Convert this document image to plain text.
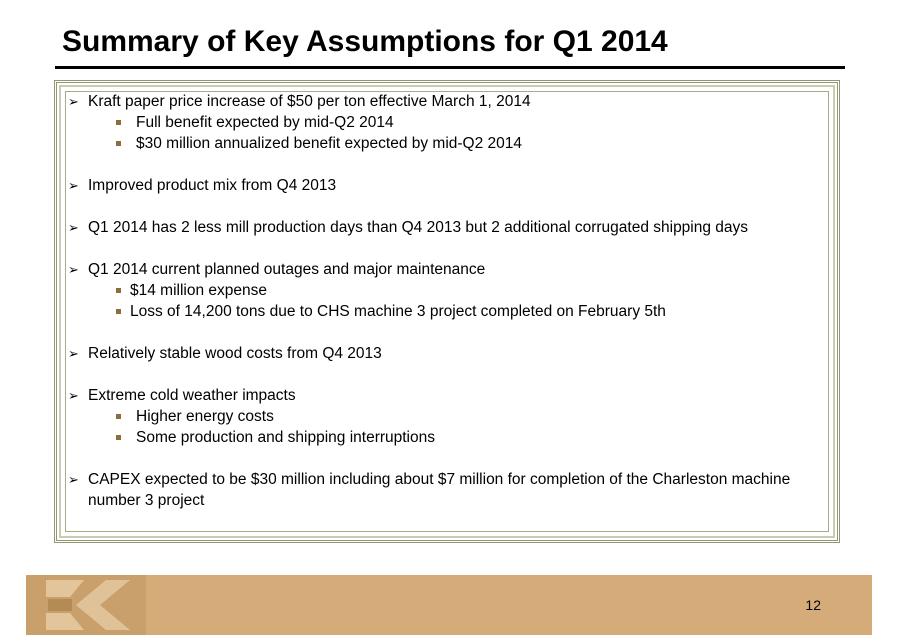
Summary of Key Assumptions for Q1 2014
➢ Kraft paper price increase of $50 per ton effective March 1, 2014
Full benefit expected by mid-Q2 2014
$30 million annualized benefit expected by mid-Q2 2014
➢ Improved product mix from Q4 2013
➢ Q1 2014 has 2 less mill production days than Q4 2013 but 2 additional corrugated shipping days
➢ Q1 2014 current planned outages and major maintenance
$14 million expense
Loss of 14,200 tons due to CHS machine 3 project completed on February 5th
➢ Relatively stable wood costs from Q4 2013
➢ Extreme cold weather impacts
Higher energy costs
Some production and shipping interruptions
➢ CAPEX expected to be $30 million including about $7 million for completion of the Charleston machine number 3 project
12
